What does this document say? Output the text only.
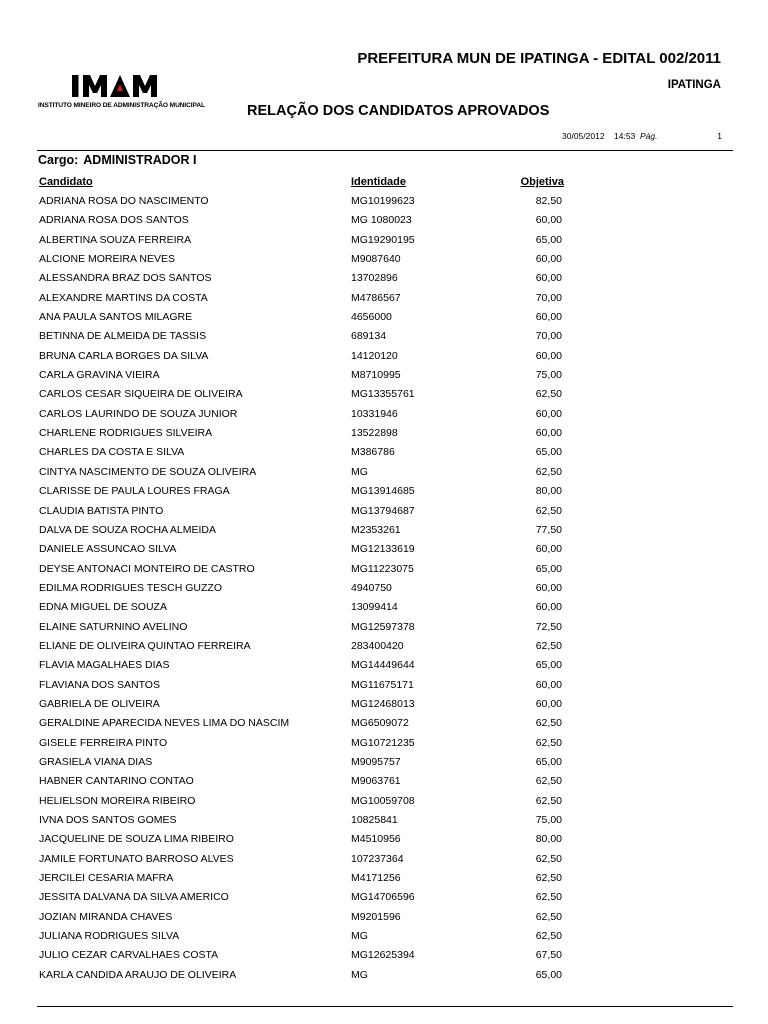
INSTITUTO MINEIRO DE ADMINISTRAÇÃO MUNICIPAL
PREFEITURA MUN DE IPATINGA - EDITAL 002/2011
IPATINGA
RELAÇÃO DOS CANDIDATOS APROVADOS
30/05/2012 14:53 Pág.	1
Cargo: ADMINISTRADOR I
Candidato	Identidade	Objetiva
ADRIANA ROSA DO NASCIMENTO	MG10199623	82,50
ADRIANA ROSA DOS SANTOS	MG 1080023	60,00
ALBERTINA SOUZA FERREIRA	MG19290195	65,00
ALCIONE MOREIRA NEVES	M9087640	60,00
ALESSANDRA BRAZ DOS SANTOS	13702896	60,00
ALEXANDRE MARTINS DA COSTA	M4786567	70,00
ANA PAULA SANTOS MILAGRE	4656000	60,00
BETINNA DE ALMEIDA DE TASSIS	689134	70,00
BRUNA CARLA BORGES DA SILVA	14120120	60,00
CARLA GRAVINA VIEIRA	M8710995	75,00
CARLOS CESAR SIQUEIRA DE OLIVEIRA	MG13355761	62,50
CARLOS LAURINDO DE SOUZA JUNIOR	10331946	60,00
CHARLENE RODRIGUES SILVEIRA	13522898	60,00
CHARLES DA COSTA E SILVA	M386786	65,00
CINTYA NASCIMENTO DE SOUZA OLIVEIRA	MG	62,50
CLARISSE DE PAULA LOURES FRAGA	MG13914685	80,00
CLAUDIA BATISTA PINTO	MG13794687	62,50
DALVA DE SOUZA ROCHA ALMEIDA	M2353261	77,50
DANIELE ASSUNCAO SILVA	MG12133619	60,00
DEYSE ANTONACI MONTEIRO DE CASTRO	MG11223075	65,00
EDILMA RODRIGUES TESCH GUZZO	4940750	60,00
EDNA MIGUEL DE SOUZA	13099414	60,00
ELAINE SATURNINO AVELINO	MG12597378	72,50
ELIANE DE OLIVEIRA QUINTAO FERREIRA	283400420	62,50
FLAVIA MAGALHAES DIAS	MG14449644	65,00
FLAVIANA DOS SANTOS	MG11675171	60,00
GABRIELA DE OLIVEIRA	MG12468013	60,00
GERALDINE APARECIDA NEVES LIMA DO NASCIM	MG6509072	62,50
GISELE FERREIRA PINTO	MG10721235	62,50
GRASIELA VIANA DIAS	M9095757	65,00
HABNER CANTARINO CONTAO	M9063761	62,50
HELIELSON MOREIRA RIBEIRO	MG10059708	62,50
IVNA DOS SANTOS GOMES	10825841	75,00
JACQUELINE DE SOUZA LIMA RIBEIRO	M4510956	80,00
JAMILE FORTUNATO BARROSO ALVES	107237364	62,50
JERCILEI CESARIA MAFRA	M4171256	62,50
JESSITA DALVANA DA SILVA AMERICO	MG14706596	62,50
JOZIAN MIRANDA CHAVES	M9201596	62,50
JULIANA RODRIGUES SILVA	MG	62,50
JULIO CEZAR CARVALHAES COSTA	MG12625394	67,50
KARLA CANDIDA ARAUJO DE OLIVEIRA	MG	65,00
